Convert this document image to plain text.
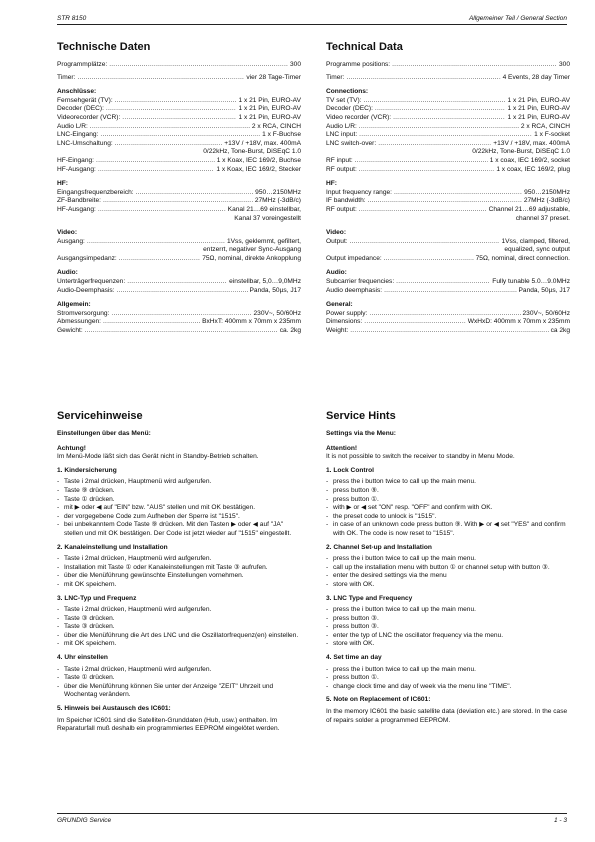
STR 8150	Allgemeiner Teil / General Section
Technische Daten
Programmplätze: .....	300
Timer: .....	vier 28 Tage-Timer
Anschlüsse:
Fernsehgerät (TV): .....	1 x 21 Pin, EURO-AV
Decoder (DEC): .....	1 x 21 Pin, EURO-AV
Videorecorder (VCR): .....	1 x 21 Pin, EURO-AV
Audio L/R: .....	2 x RCA, CINCH
LNC-Eingang: .....	1 x F-Buchse
LNC-Umschaltung: .....	+13V / +18V, max. 400mA
0/22kHz, Tone-Burst, DiSEqC 1.0
HF-Eingang: .....	1 x Koax, IEC 169/2, Buchse
HF-Ausgang: .....	1 x Koax, IEC 169/2, Stecker
HF:
Eingangsfrequenzbereich: .....	950…2150MHz
ZF-Bandbreite: .....	27MHz (-3dB/c)
HF-Ausgang: .....	Kanal 21…69 einstellbar,
Kanal 37 voreingestellt
Video:
Ausgang: .....	1Vss, geklemmt, gefiltert,
entzerrt, negativer Sync-Ausgang
Ausgangsimpedanz: .....	75Ω, nominal, direkte Ankopplung
Audio:
Unterträgerfrequenzen: .....	einstellbar, 5,0…9,0MHz
Audio-Deemphasis: .....	Panda, 50µs, J17
Allgemein:
Stromversorgung: .....	230V~, 50/60Hz
Abmessungen: .....	BxHxT: 400mm x 70mm x 235mm
Gewicht: .....	ca. 2kg
Technical Data
Programme positions: .....	300
Timer: .....	4 Events, 28 day Timer
Connections:
TV set (TV): .....	1 x 21 Pin, EURO-AV
Decoder (DEC): .....	1 x 21 Pin, EURO-AV
Video recorder (VCR): .....	1 x 21 Pin, EURO-AV
Audio L/R: .....	2 x RCA, CINCH
LNC input: .....	1 x F-socket
LNC switch-over: .....	+13V / +18V, max. 400mA
0/22kHz, Tone-Burst, DiSEqC 1.0
RF input: .....	1 x coax, IEC 169/2, socket
RF output: .....	1 x coax, IEC 169/2, plug
HF:
Input frequency range: .....	950…2150MHz
IF bandwidth: .....	27MHz (-3dB/c)
RF output: .....	Channel 21…69 adjustable,
channel 37 preset.
Video:
Output: .....	1Vss, clamped, filtered,
equalized, sync output
Output impedance: .....	75Ω, nominal, direct connection.
Audio:
Subcarrier frequencies: .....	Fully tunable 5.0…9.0MHz
Audio deemphasis: .....	Panda, 50µs, J17
General:
Power supply: .....	230V~, 50/60Hz
Dimensions: .....	WxHxD: 400mm x 70mm x 235mm
Weight: .....	ca 2kg
Servicehinweise
Einstellungen über das Menü:
Achtung!
Im Menü-Mode läßt sich das Gerät nicht in Standby-Betrieb schalten.
1. Kindersicherung
- Taste i 2mal drücken, Hauptmenü wird aufgerufen.
- Taste ⑨ drücken.
- Taste ① drücken.
- mit ▶ oder ◀ auf "EIN" bzw. "AUS" stellen und mit OK bestätigen.
- der vorgegebene Code zum Aufheben der Sperre ist "1515".
- bei unbekanntem Code Taste ⑨ drücken. Mit den Tasten ▶ oder ◀ auf "JA" stellen und mit OK bestätigen. Der Code ist jetzt wieder auf "1515" eingestellt.
2. Kanaleinstellung und Installation
- Taste i 2mal drücken, Hauptmenü wird aufgerufen.
- Installation mit Taste ① oder Kanaleinstellungen mit Taste ③ aufrufen.
- über die Menüführung gewünschte Einstellungen vornehmen.
- mit OK speichern.
3. LNC-Typ und Frequenz
- Taste i 2mal drücken, Hauptmenü wird aufgerufen.
- Taste ③ drücken.
- Taste ③ drücken.
- über die Menüführung die Art des LNC und die Oszillatorfrequenz(en) einstellen.
- mit OK speichern.
4. Uhr einstellen
- Taste i 2mal drücken, Hauptmenü wird aufgerufen.
- Taste ① drücken.
- über die Menüführung können Sie unter der Anzeige "ZEIT" Uhrzeit und Wochentag verändern.
5. Hinweis bei Austausch des IC601:
Im Speicher IC601 sind die Satelliten-Grunddaten (Hub, usw.) enthalten. Im Reparaturfall muß deshalb ein programmiertes EEPROM eingelötet werden.
Service Hints
Settings via the Menu:
Attention!
It is not possible to switch the receiver to standby in Menu Mode.
1. Lock Control
- press the i button twice to call up the main menu.
- press button ⑨.
- press button ①.
- with ▶ or ◀ set "ON" resp. "OFF" and confirm with OK.
- the preset code to unlock is "1515".
- in case of an unknown code press button ⑨. With ▶ or ◀ set "YES" and confirm with OK. The code is now reset to "1515".
2. Channel Set-up and Installation
- press the i button twice to call up the main menu.
- call up the installation menu with button ① or channel setup with button ③.
- enter the desired settings via the menu
- store with OK.
3. LNC Type and Frequency
- press the i button twice to call up the main menu.
- press button ③.
- press button ③.
- enter the typ of LNC the oscillator frequency via the menu.
- store with OK.
4. Set time an day
- press the i button twice to call up the main menu.
- press button ①.
- change clock time and day of week via the menu line "TIME".
5. Note on Replacement of IC601:
In the memory IC601 the basic satellite data (deviation etc.) are stored. In the case of repairs solder a programmed EEPROM.
GRUNDIG Service	1 - 3
